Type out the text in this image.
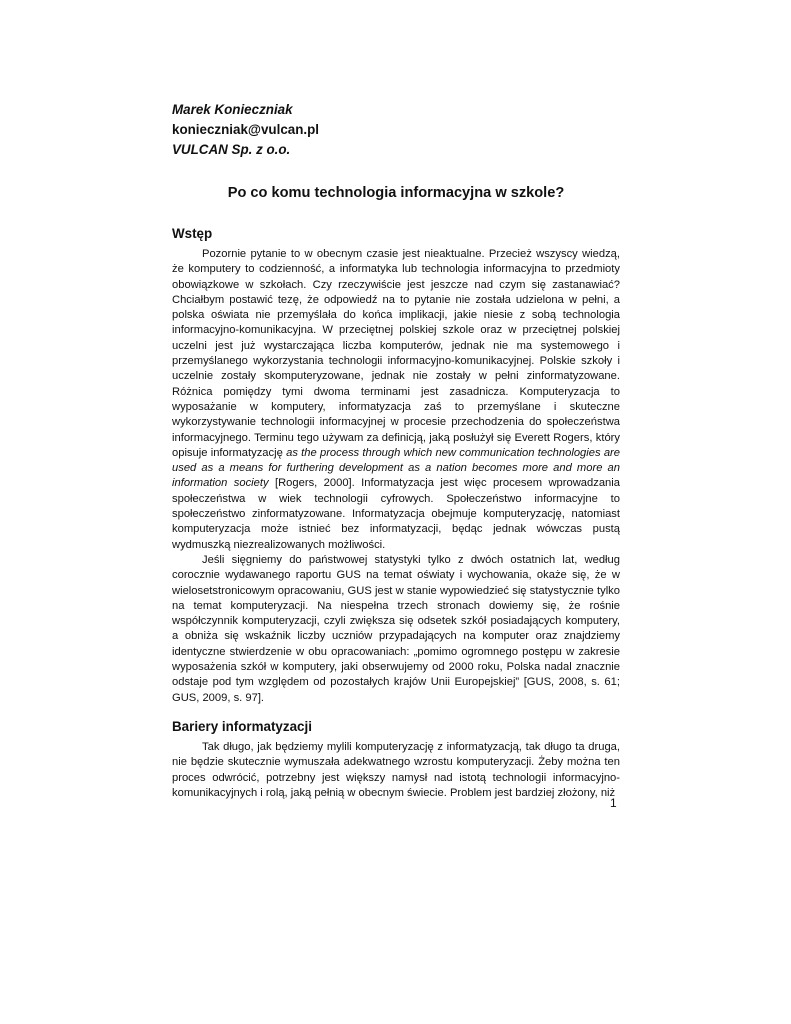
Marek Konieczniak
konieczniak@vulcan.pl
VULCAN Sp. z o.o.
Po co komu technologia informacyjna w szkole?
Wstęp

Pozornie pytanie to w obecnym czasie jest nieaktualne. Przecież wszyscy wiedzą, że komputery to codzienność, a informatyka lub technologia informacyjna to przedmioty obowiązkowe w szkołach. Czy rzeczywiście jest jeszcze nad czym się zastanawiać? Chciałbym postawić tezę, że odpowiedź na to pytanie nie została udzielona w pełni, a polska oświata nie przemyślała do końca implikacji, jakie niesie z sobą technologia informacyjno-komunikacyjna. W przeciętnej polskiej szkole oraz w przeciętnej polskiej uczelni jest już wystarczająca liczba komputerów, jednak nie ma systemowego i przemyślanego wykorzystania technologii informacyjno-komunikacyjnej. Polskie szkoły i uczelnie zostały skomputeryzowane, jednak nie zostały w pełni zinformatyzowane. Różnica pomiędzy tymi dwoma terminami jest zasadnicza. Komputeryzacja to wyposażanie w komputery, informatyzacja zaś to przemyślane i skuteczne wykorzystywanie technologii informacyjnej w procesie przechodzenia do społeczeństwa informacyjnego. Terminu tego używam za definicją, jaką posłużył się Everett Rogers, który opisuje informatyzację as the process through which new communication technologies are used as a means for furthering development as a nation becomes more and more an information society [Rogers, 2000]. Informatyzacja jest więc procesem wprowadzania społeczeństwa w wiek technologii cyfrowych. Społeczeństwo informacyjne to społeczeństwo zinformatyzowane. Informatyzacja obejmuje komputeryzację, natomiast komputeryzacja może istnieć bez informatyzacji, będąc jednak wówczas pustą wydmuszką niezrealizowanych możliwości.

Jeśli sięgniemy do państwowej statystyki tylko z dwóch ostatnich lat, według corocznie wydawanego raportu GUS na temat oświaty i wychowania, okaże się, że w wielosetstronicowym opracowaniu, GUS jest w stanie wypowiedzieć się statystycznie tylko na temat komputeryzacji. Na niespełna trzech stronach dowiemy się, że rośnie współczynnik komputeryzacji, czyli zwiększa się odsetek szkół posiadających komputery, a obniża się wskaźnik liczby uczniów przypadających na komputer oraz znajdziemy identyczne stwierdzenie w obu opracowaniach: „pomimo ogromnego postępu w zakresie wyposażenia szkół w komputery, jaki obserwujemy od 2000 roku, Polska nadal znacznie odstaje pod tym względem od pozostałych krajów Unii Europejskiej” [GUS, 2008, s. 61; GUS, 2009, s. 97].

Bariery informatyzacji

Tak długo, jak będziemy mylili komputeryzację z informatyzacją, tak długo ta druga, nie będzie skutecznie wymuszała adekwatnego wzrostu komputeryzacji. Żeby można ten proces odwrócić, potrzebny jest większy namysł nad istotą technologii informacyjno-komunikacyjnych i rolą, jaką pełnią w obecnym świecie. Problem jest bardziej złożony, niż

1
